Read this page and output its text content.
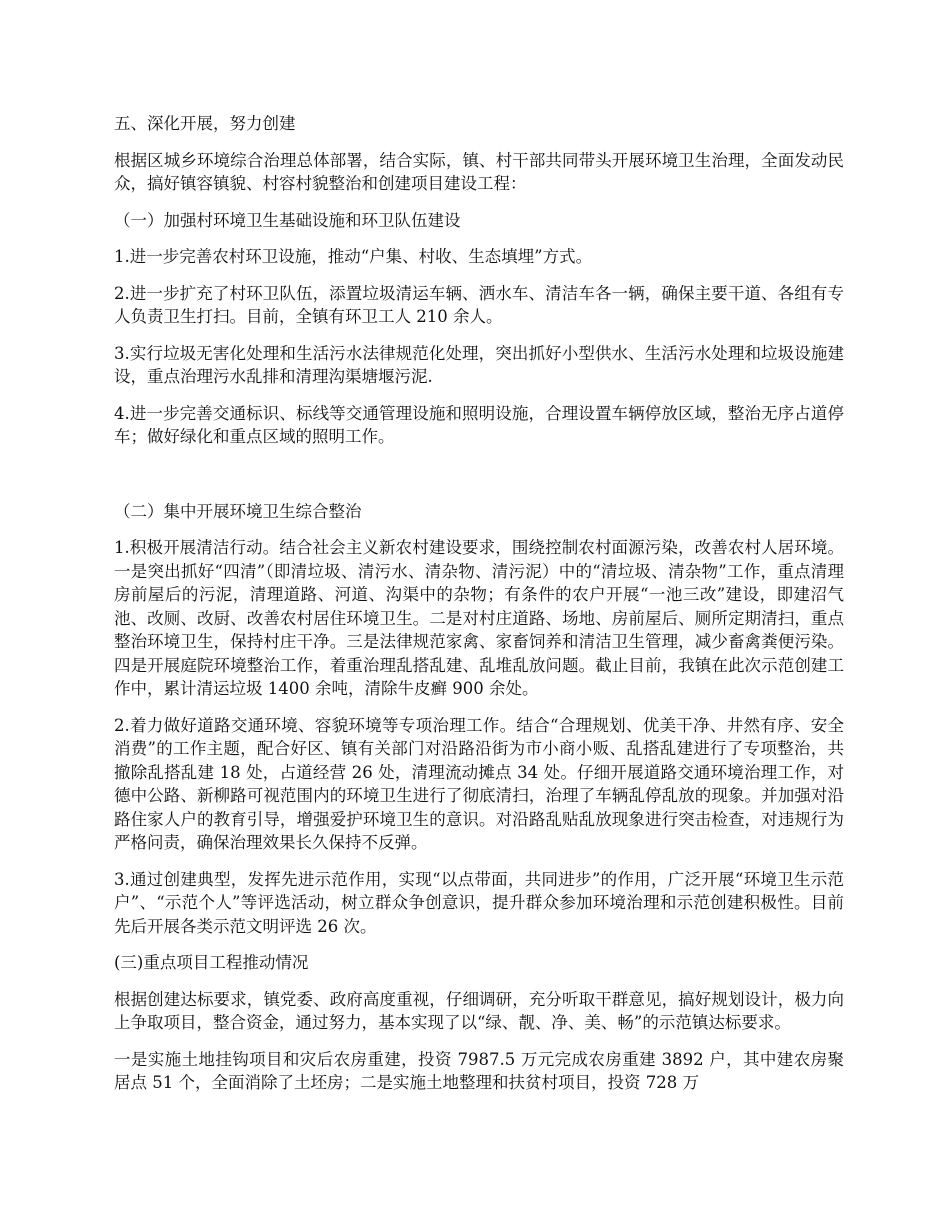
五、深化开展，努力创建

根据区城乡环境综合治理总体部署，结合实际，镇、村干部共同带头开展环境卫生治理，全面发动民众，搞好镇容镇貌、村容村貌整治和创建项目建设工程：

（一）加强村环境卫生基础设施和环卫队伍建设

1.进一步完善农村环卫设施，推动“户集、村收、生态填埋”方式。

2.进一步扩充了村环卫队伍，添置垃圾清运车辆、洒水车、清洁车各一辆，确保主要干道、各组有专人负责卫生打扫。目前，全镇有环卫工人 210 余人。

3.实行垃圾无害化处理和生活污水法律规范化处理，突出抓好小型供水、生活污水处理和垃圾设施建设，重点治理污水乱排和清理沟渠塘堰污泥.

4.进一步完善交通标识、标线等交通管理设施和照明设施，合理设置车辆停放区域，整治无序占道停车；做好绿化和重点区域的照明工作。

（二）集中开展环境卫生综合整治

1.积极开展清洁行动。结合社会主义新农村建设要求，围绕控制农村面源污染，改善农村人居环境。一是突出抓好“四清”（即清垃圾、清污水、清杂物、清污泥）中的“清垃圾、清杂物”工作，重点清理房前屋后的污泥，清理道路、河道、沟渠中的杂物；有条件的农户开展“一池三改”建设，即建沼气池、改厕、改厨、改善农村居住环境卫生。二是对村庄道路、场地、房前屋后、厕所定期清扫，重点整治环境卫生，保持村庄干净。三是法律规范家禽、家畜饲养和清洁卫生管理，减少畜禽粪便污染。四是开展庭院环境整治工作，着重治理乱搭乱建、乱堆乱放问题。截止目前，我镇在此次示范创建工作中，累计清运垃圾 1400 余吨，清除牛皮癣 900 余处。

2.着力做好道路交通环境、容貌环境等专项治理工作。结合“合理规划、优美干净、井然有序、安全消费”的工作主题，配合好区、镇有关部门对沿路沿街为市小商小贩、乱搭乱建进行了专项整治，共撤除乱搭乱建 18 处，占道经营 26 处，清理流动摊点 34 处。仔细开展道路交通环境治理工作，对德中公路、新柳路可视范围内的环境卫生进行了彻底清扫，治理了车辆乱停乱放的现象。并加强对沿路住家人户的教育引导，增强爱护环境卫生的意识。对沿路乱贴乱放现象进行突击检查，对违规行为严格问责，确保治理效果长久保持不反弹。

3.通过创建典型，发挥先进示范作用，实现“以点带面，共同进步”的作用，广泛开展“环境卫生示范户”、“示范个人”等评选活动，树立群众争创意识，提升群众参加环境治理和示范创建积极性。目前先后开展各类示范文明评选 26 次。

(三)重点项目工程推动情况

根据创建达标要求，镇党委、政府高度重视，仔细调研，充分听取干群意见，搞好规划设计，极力向上争取项目，整合资金，通过努力，基本实现了以“绿、靓、净、美、畅”的示范镇达标要求。

一是实施土地挂钩项目和灾后农房重建，投资 7987.5 万元完成农房重建 3892 户，其中建农房聚居点 51 个，全面消除了土坯房；二是实施土地整理和扶贫村项目，投资 728 万
